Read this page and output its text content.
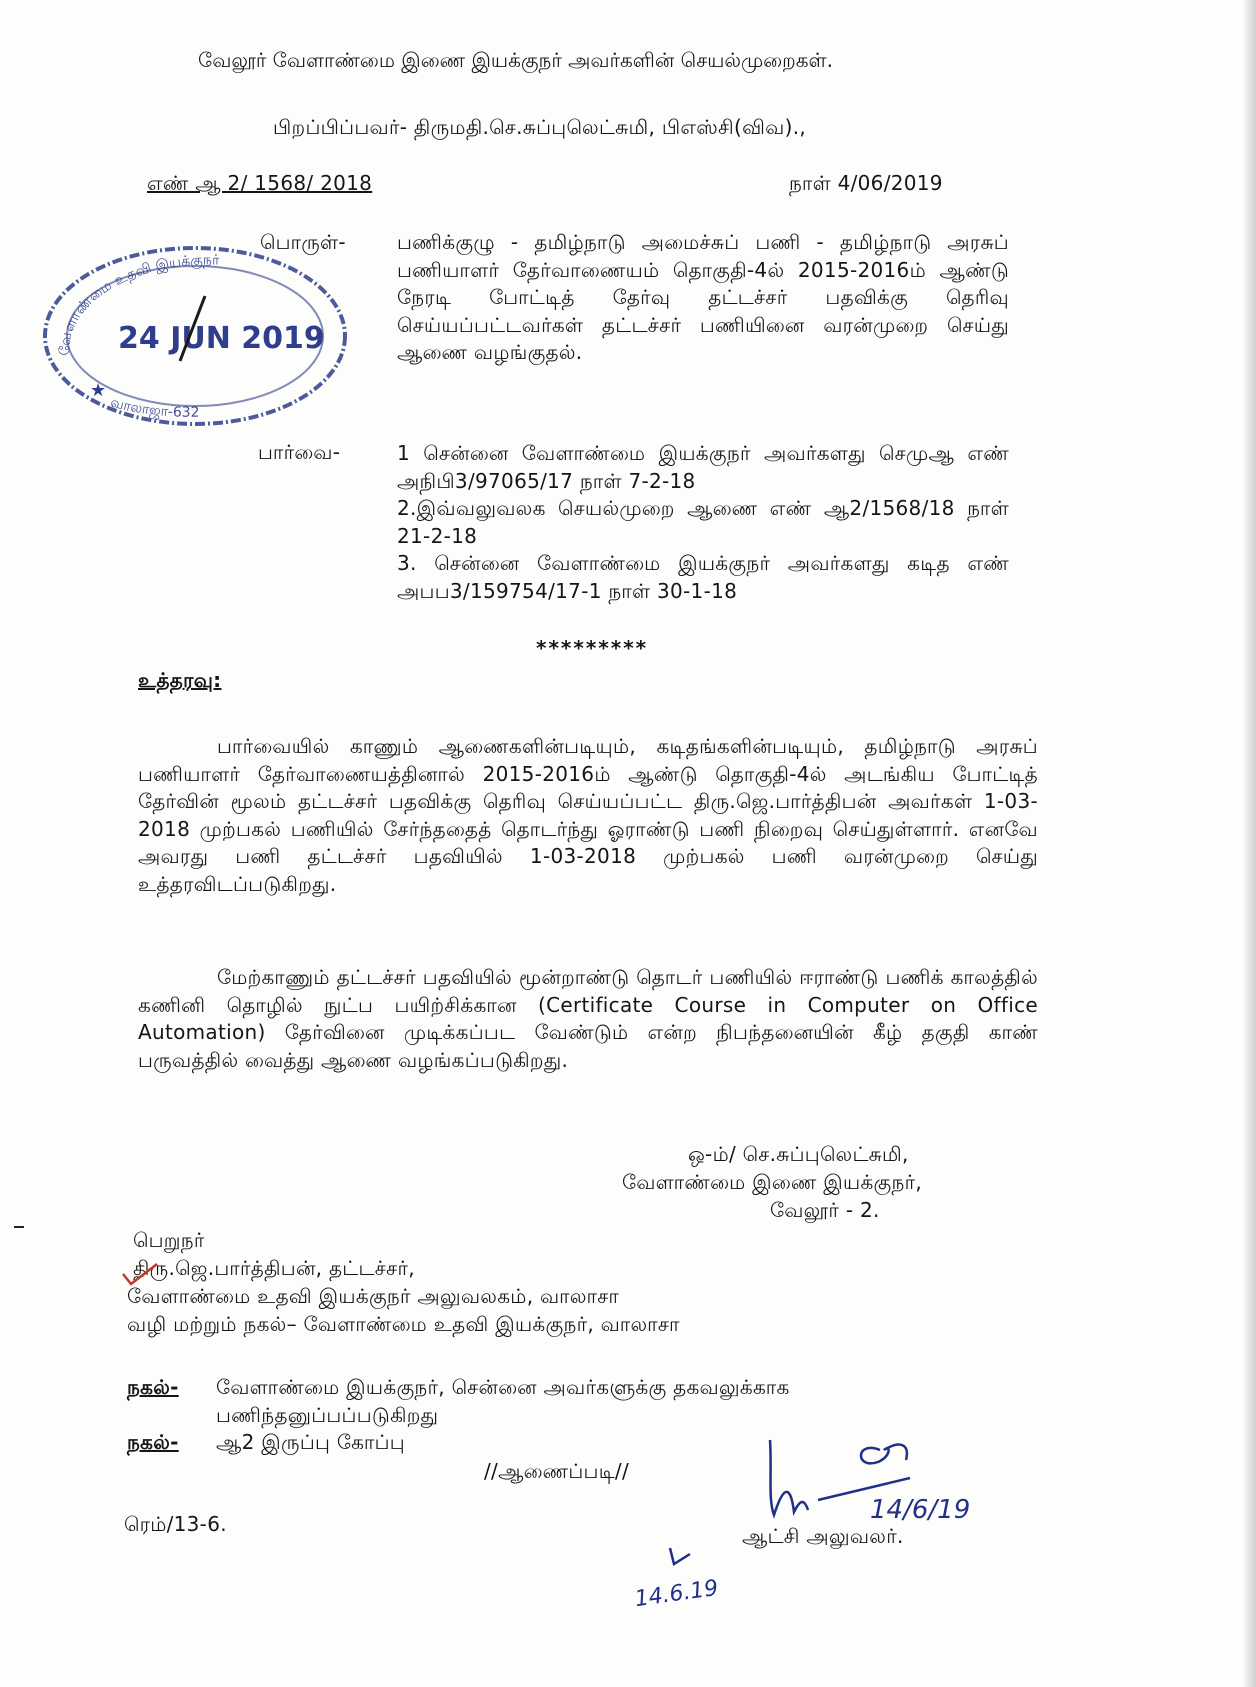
வேலூர் வேளாண்மை இணை இயக்குநர் அவர்களின் செயல்முறைகள்.
பிறப்பிப்பவர்- திருமதி.செ.சுப்புலெட்சுமி, பிஎஸ்சி(விவ).,
எண் ஆ 2/ 1568/ 2018	நாள் 4/06/2019
வேளாண்மை உதவி இயக்குநர்
வாலாஜா-632
24 JUN 2019
★
பொருள்-	பணிக்குழு - தமிழ்நாடு அமைச்சுப் பணி - தமிழ்நாடு அரசுப் பணியாளர் தேர்வாணையம் தொகுதி-4ல் 2015-2016ம் ஆண்டு நேரடி போட்டித் தேர்வு தட்டச்சர் பதவிக்கு தெரிவு செய்யப்பட்டவர்கள் தட்டச்சர் பணியினை வரன்முறை செய்து ஆணை வழங்குதல்.
பார்வை-	1 சென்னை வேளாண்மை இயக்குநர் அவர்களது செமுஆ எண் அநிபி3/97065/17 நாள் 7-2-18
2.இவ்வலுவலக செயல்முறை ஆணை எண் ஆ2/1568/18 நாள் 21-2-18
3. சென்னை வேளாண்மை இயக்குநர் அவர்களது கடித எண் அபப3/159754/17-1 நாள் 30-1-18
*********
உத்தரவு:
பார்வையில் காணும் ஆணைகளின்படியும், கடிதங்களின்படியும், தமிழ்நாடு அரசுப் பணியாளர் தேர்வாணையத்தினால் 2015-2016ம் ஆண்டு தொகுதி-4ல் அடங்கிய போட்டித் தேர்வின் மூலம் தட்டச்சர் பதவிக்கு தெரிவு செய்யப்பட்ட திரு.ஜெ.பார்த்திபன் அவர்கள் 1-03-2018 முற்பகல் பணியில் சேர்ந்ததைத் தொடர்ந்து ஓராண்டு பணி நிறைவு செய்துள்ளார். எனவே அவரது பணி தட்டச்சர் பதவியில் 1-03-2018 முற்பகல் பணி வரன்முறை செய்து உத்தரவிடப்படுகிறது.
மேற்காணும் தட்டச்சர் பதவியில் மூன்றாண்டு தொடர் பணியில் ஈராண்டு பணிக் காலத்தில் கணினி தொழில் நுட்ப பயிற்சிக்கான (Certificate Course in Computer on Office Automation) தேர்வினை முடிக்கப்பட வேண்டும் என்ற நிபந்தனையின் கீழ் தகுதி காண் பருவத்தில் வைத்து ஆணை வழங்கப்படுகிறது.
ஒ-ம்/ செ.சுப்புலெட்சுமி,
வேளாண்மை இணை இயக்குநர்,
வேலூர் - 2.
பெறுநர்
திரு.ஜெ.பார்த்திபன், தட்டச்சர்,
வேளாண்மை உதவி இயக்குநர் அலுவலகம், வாலாசா
வழி மற்றும் நகல்– வேளாண்மை உதவி இயக்குநர், வாலாசா
நகல்- வேளாண்மை இயக்குநர், சென்னை அவர்களுக்கு தகவலுக்காக
பணிந்தனுப்பப்படுகிறது
நகல்- ஆ2 இருப்பு கோப்பு
//ஆணைப்படி//
14/6/19
ஆட்சி அலுவலர்.
ரெம்/13-6.
14.6.19
